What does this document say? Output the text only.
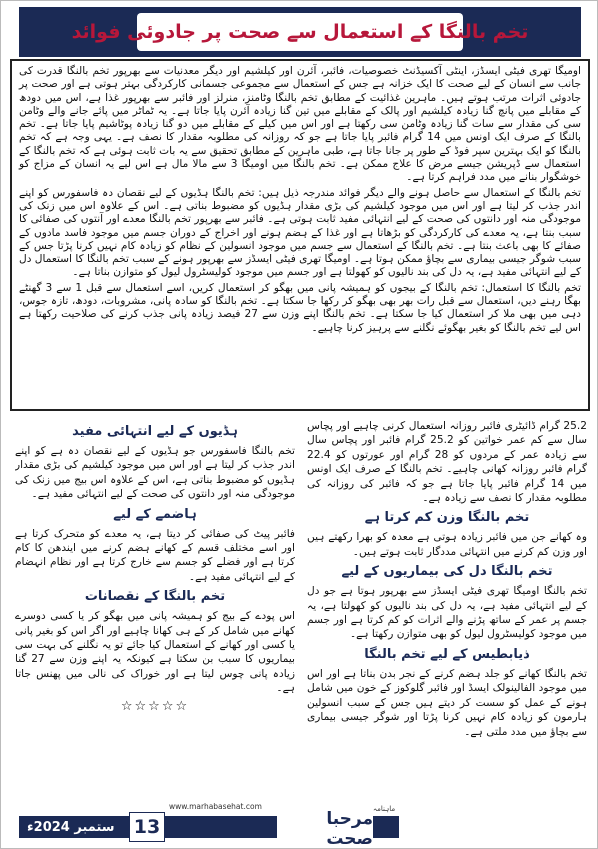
تخم بالنگا کے استعمال سے صحت پر جادوئی فوائد

اومیگا تھری فیٹی ایسڈز، اینٹی آکسیڈنٹ خصوصیات، فائبر، آئرن اور کیلشیم اور دیگر معدنیات سے بھرپور تخم بالنگا قدرت کی جانب سے انسان کے لیے صحت کا ایک خزانہ ہے جس کے استعمال سے مجموعی جسمانی کارکردگی بہتر ہوتی ہے اور صحت پر جادوئی اثرات مرتب ہوتے ہیں۔ ماہرین غذائیت کے مطابق تخم بالنگا وٹامنز، منرلز اور فائبر سے بھرپور غذا ہے، اس میں دودھ کے مقابلے میں پانچ گنا زیادہ کیلشیم اور پالک کے مقابلے میں تین گنا زیادہ آئرن پایا جاتا ہے۔ یہ ٹماٹر میں پائے جانے والے وٹامن سی کی مقدار سے سات گنا زیادہ وٹامن سی رکھتا ہے اور اس میں کیلے کے مقابلے میں دو گنا زیادہ پوٹاشیم پایا جاتا ہے۔ تخم بالنگا کے صرف ایک اونس میں 14 گرام فائبر پایا جاتا ہے جو کہ روزانہ کی مطلوبہ مقدار کا نصف ہے۔ یہی وجہ ہے کہ تخم بالنگا کو ایک بہترین سپر فوڈ کے طور پر جانا جاتا ہے، طبی ماہرین کے مطابق تحقیق سے یہ بات ثابت ہوئی ہے کہ تخم بالنگا کے استعمال سے ڈپریشن جیسے مرض کا علاج ممکن ہے۔ تخم بالنگا میں اومیگا 3 سے مالا مال ہے اس لیے یہ انسان کے مزاج کو خوشگوار بنانے میں مدد فراہم کرتا ہے۔

تخم بالنگا کے استعمال سے حاصل ہونے والے دیگر فوائد مندرجہ ذیل ہیں: تخم بالنگا ہڈیوں کے لیے نقصان دہ فاسفورس کو اپنے اندر جذب کر لیتا ہے اور اس میں موجود کیلشیم کی بڑی مقدار ہڈیوں کو مضبوط بناتی ہے۔ اس کے علاوہ اس میں زنک کی موجودگی منہ اور دانتوں کی صحت کے لیے انتہائی مفید ثابت ہوتی ہے۔ فائبر سے بھرپور تخم بالنگا معدے اور آنتوں کی صفائی کا سبب بنتا ہے، یہ معدے کی کارکردگی کو بڑھاتا ہے اور غذا کے ہضم ہونے اور اخراج کے دوران جسم میں موجود فاسد مادوں کے صفائے کا بھی باعث بنتا ہے۔ تخم بالنگا کے استعمال سے جسم میں موجود انسولین کے نظام کو زیادہ کام نہیں کرنا پڑتا جس کے سبب شوگر جیسی بیماری سے بچاؤ ممکن ہوتا ہے۔ اومیگا تھری فیٹی ایسڈز سے بھرپور ہونے کے سبب تخم بالنگا کا استعمال دل کے لیے انتہائی مفید ہے، یہ دل کی بند نالیوں کو کھولتا ہے اور جسم میں موجود کولیسٹرول لیول کو متوازن بناتا ہے۔

تخم بالنگا کا استعمال: تخم بالنگا کے بیجوں کو ہمیشہ پانی میں بھگو کر استعمال کریں، اسے استعمال سے قبل 1 سے 3 گھنٹے بھگا رہنے دیں، استعمال سے قبل رات بھر بھی بھگو کر رکھا جا سکتا ہے۔ تخم بالنگا کو سادہ پانی، مشروبات، دودھ، تازہ جوس، دہی میں بھی ملا کر استعمال کیا جا سکتا ہے۔ تخم بالنگا اپنے وزن سے 27 فیصد زیادہ پانی جذب کرنے کی صلاحیت رکھتا ہے اس لیے تخم بالنگا کو بغیر بھگوئے نگلنے سے پرہیز کرنا چاہیے۔

25.2 گرام ڈائیٹری فائبر روزانہ استعمال کرنی چاہیے اور پچاس سال سے کم عمر خواتین کو 25.2 گرام فائبر اور پچاس سال سے زیادہ عمر کے مردوں کو 28 گرام اور عورتوں کو 22.4 گرام فائبر روزانہ کھانی چاہیے۔ تخم بالنگا کے صرف ایک اونس میں 14 گرام فائبر پایا جاتا ہے جو کہ فائبر کی روزانہ کی مطلوبہ مقدار کا نصف سے زیادہ ہے۔

تخم بالنگا وزن کم کرتا ہے

وہ کھانے جن میں فائبر زیادہ ہوتی ہے معدہ کو بھرا رکھتے ہیں اور وزن کم کرنے میں انتہائی مددگار ثابت ہوتے ہیں۔

تخم بالنگا دل کی بیماریوں کے لیے

تخم بالنگا اومیگا تھری فیٹی ایسڈز سے بھرپور ہوتا ہے جو دل کے لیے انتہائی مفید ہے، یہ دل کی بند نالیوں کو کھولتا ہے، یہ جسم پر عمر کے ساتھ پڑنے والے اثرات کو کم کرتا ہے اور جسم میں موجود کولیسٹرول لیول کو بھی متوازن رکھتا ہے۔

ذیابطیس کے لیے تخم بالنگا

تخم بالنگا کھانے کو جلد ہضم کرنے کے نجر بدن بناتا ہے اور اس میں موجود الفالینولک ایسڈ اور فائبر گلوکوز کے خون میں شامل ہونے کے عمل کو سست کر دیتے ہیں جس کے سبب انسولین ہارمون کو زیادہ کام نہیں کرنا پڑتا اور شوگر جیسی بیماری سے بچاؤ میں مدد ملتی ہے۔

ہڈیوں کے لیے انتہائی مفید

تخم بالنگا فاسفورس جو ہڈیوں کے لیے نقصان دہ ہے کو اپنے اندر جذب کر لیتا ہے اور اس میں موجود کیلشیم کی بڑی مقدار ہڈیوں کو مضبوط بناتی ہے، اس کے علاوہ اس بیج میں زنک کی موجودگی منہ اور دانتوں کی صحت کے لیے انتہائی مفید ہے۔

ہاضمے کے لیے

فائبر پیٹ کی صفائی کر دیتا ہے، یہ معدے کو متحرک کرتا ہے اور اسے مختلف قسم کے کھانے ہضم کرنے میں ایندھن کا کام کرتا ہے اور فضلے کو جسم سے خارج کرتا ہے اور نظام انہضام کے لیے انتہائی مفید ہے۔

تخم بالنگا کے نقصانات

اس پودے کے بیج کو ہمیشہ پانی میں بھگو کر یا کسی دوسرے کھانے میں شامل کر کے ہی کھانا چاہیے اور اگر اس کو بغیر پانی یا کسی اور کھانے کے استعمال کیا جائے تو یہ نگلنے کی بہت سی بیماریوں کا سبب بن سکتا ہے کیونکہ یہ اپنے وزن سے 27 گنا زیادہ پانی چوس لیتا ہے اور خوراک کی نالی میں پھنس جاتا ہے۔

☆☆☆☆☆
ستمبر 2024ء	مرحبا صحت
ماہنامہ
www.marhabasehat.com
13
